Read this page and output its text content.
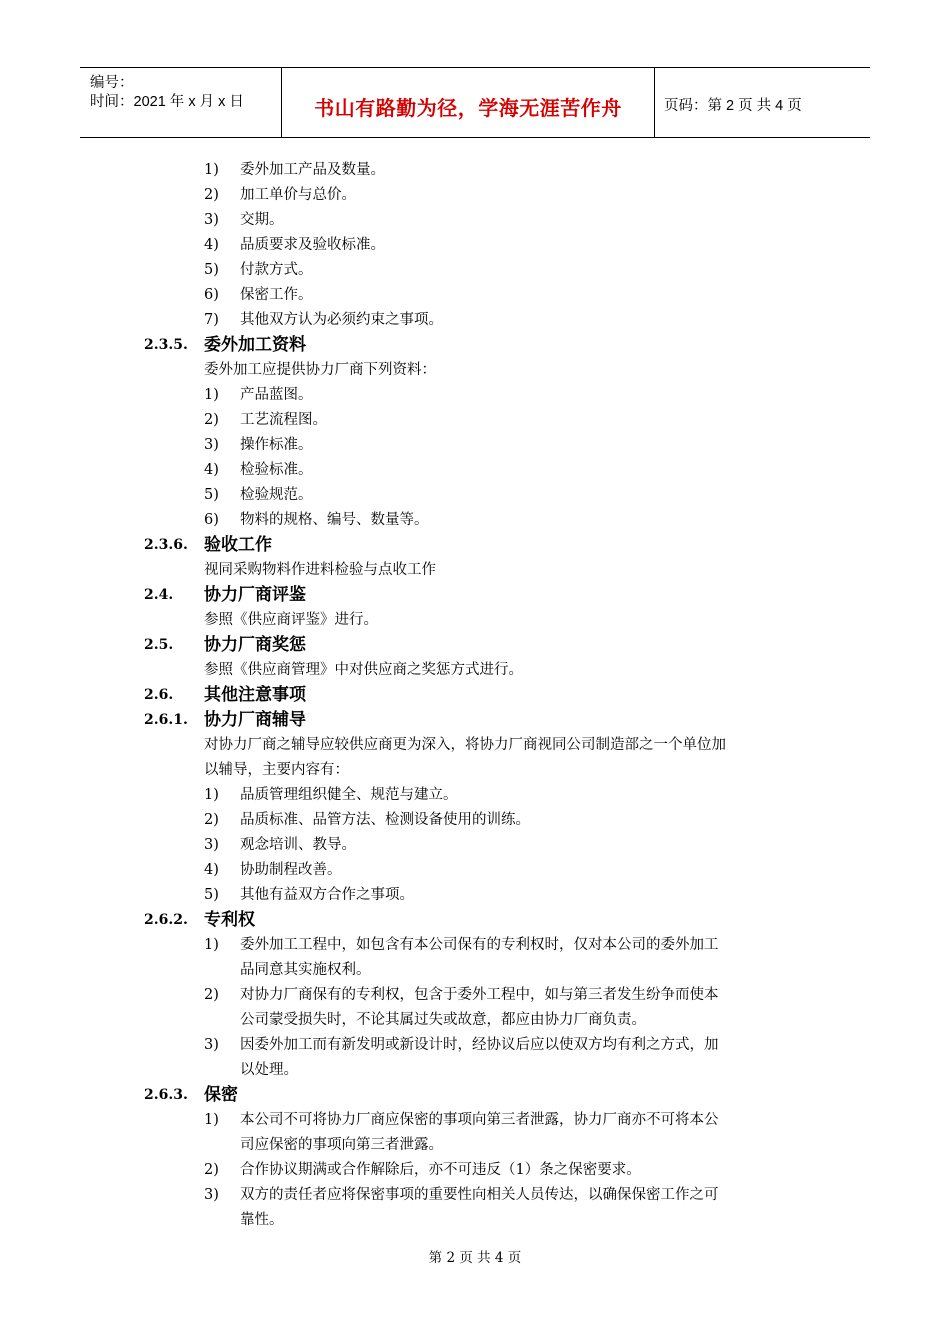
编号：
时间：2021 年 x 月 x 日	书山有路勤为径，学海无涯苦作舟	页码：第 2 页 共 4 页
1) 委外加工产品及数量。
2) 加工单价与总价。
3) 交期。
4) 品质要求及验收标准。
5) 付款方式。
6) 保密工作。
7) 其他双方认为必须约束之事项。
2.3.5. 委外加工资料
委外加工应提供协力厂商下列资料：
1) 产品蓝图。
2) 工艺流程图。
3) 操作标准。
4) 检验标准。
5) 检验规范。
6) 物料的规格、编号、数量等。
2.3.6. 验收工作
视同采购物料作进料检验与点收工作
2.4. 协力厂商评鉴
参照《供应商评鉴》进行。
2.5. 协力厂商奖惩
参照《供应商管理》中对供应商之奖惩方式进行。
2.6. 其他注意事项
2.6.1. 协力厂商辅导
对协力厂商之辅导应较供应商更为深入，将协力厂商视同公司制造部之一个单位加
以辅导，主要内容有：
1) 品质管理组织健全、规范与建立。
2) 品质标准、品管方法、检测设备使用的训练。
3) 观念培训、教导。
4) 协助制程改善。
5) 其他有益双方合作之事项。
2.6.2. 专利权
1) 委外加工工程中，如包含有本公司保有的专利权时，仅对本公司的委外加工
品同意其实施权利。
2) 对协力厂商保有的专利权，包含于委外工程中，如与第三者发生纷争而使本
公司蒙受损失时，不论其属过失或故意，都应由协力厂商负责。
3) 因委外加工而有新发明或新设计时，经协议后应以使双方均有利之方式，加
以处理。
2.6.3. 保密
1) 本公司不可将协力厂商应保密的事项向第三者泄露，协力厂商亦不可将本公
司应保密的事项向第三者泄露。
2) 合作协议期满或合作解除后，亦不可违反（1）条之保密要求。
3) 双方的责任者应将保密事项的重要性向相关人员传达，以确保保密工作之可
靠性。
第 2 页 共 4 页
